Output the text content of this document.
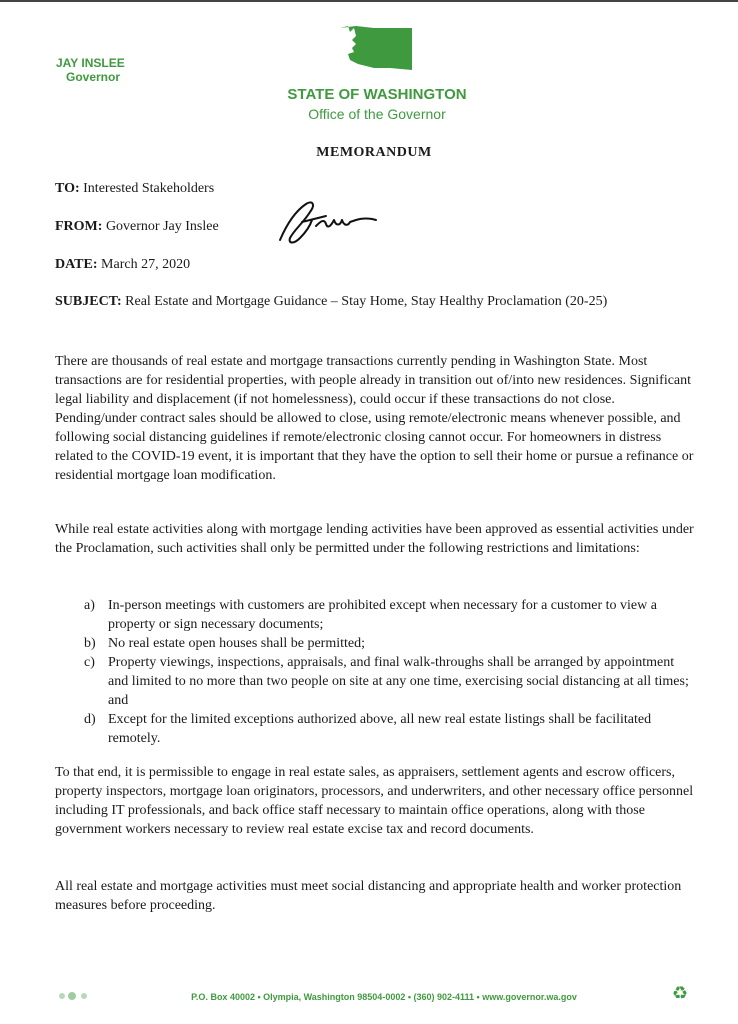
JAY INSLEE
Governor
STATE OF WASHINGTON
Office of the Governor
MEMORANDUM
TO: Interested Stakeholders
FROM: Governor Jay Inslee
DATE: March 27, 2020
SUBJECT: Real Estate and Mortgage Guidance – Stay Home, Stay Healthy Proclamation (20-25)
There are thousands of real estate and mortgage transactions currently pending in Washington State. Most transactions are for residential properties, with people already in transition out of/into new residences. Significant legal liability and displacement (if not homelessness), could occur if these transactions do not close. Pending/under contract sales should be allowed to close, using remote/electronic means whenever possible, and following social distancing guidelines if remote/electronic closing cannot occur. For homeowners in distress related to the COVID-19 event, it is important that they have the option to sell their home or pursue a refinance or residential mortgage loan modification.
While real estate activities along with mortgage lending activities have been approved as essential activities under the Proclamation, such activities shall only be permitted under the following restrictions and limitations:
a) In-person meetings with customers are prohibited except when necessary for a customer to view a property or sign necessary documents;
b) No real estate open houses shall be permitted;
c) Property viewings, inspections, appraisals, and final walk-throughs shall be arranged by appointment and limited to no more than two people on site at any one time, exercising social distancing at all times; and
d) Except for the limited exceptions authorized above, all new real estate listings shall be facilitated remotely.
To that end, it is permissible to engage in real estate sales, as appraisers, settlement agents and escrow officers, property inspectors, mortgage loan originators, processors, and underwriters, and other necessary office personnel including IT professionals, and back office staff necessary to maintain office operations, along with those government workers necessary to review real estate excise tax and record documents.
All real estate and mortgage activities must meet social distancing and appropriate health and worker protection measures before proceeding.
P.O. Box 40002 • Olympia, Washington 98504-0002 • (360) 902-4111 • www.governor.wa.gov	♻
